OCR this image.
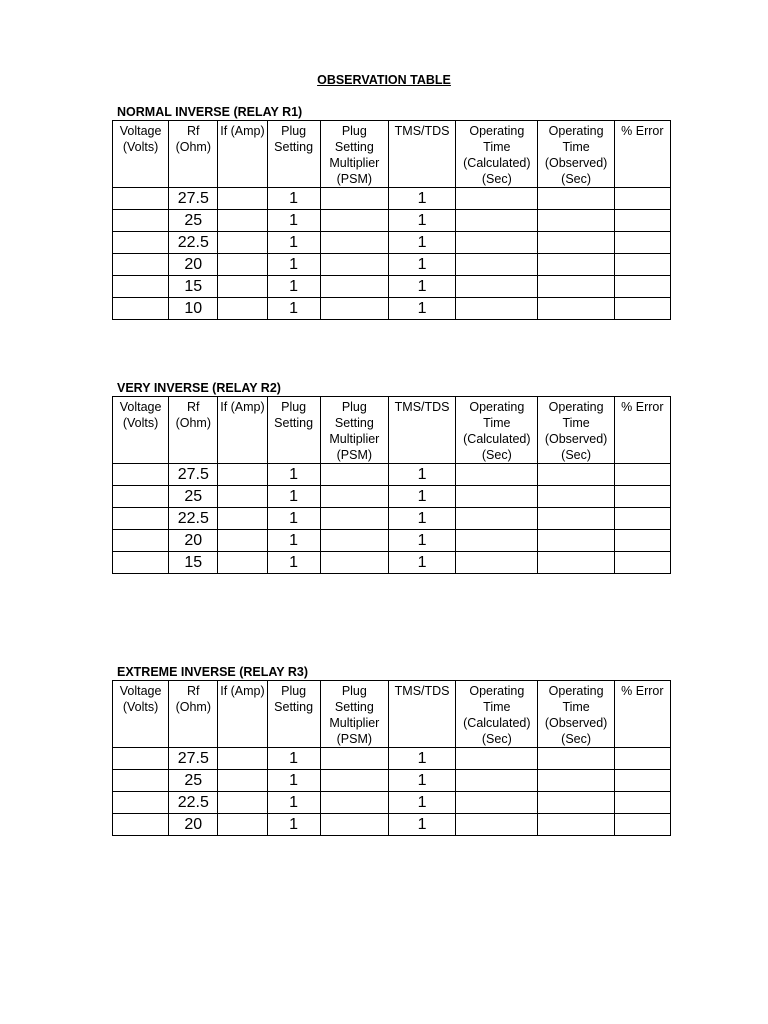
OBSERVATION TABLE
NORMAL INVERSE (RELAY R1)
Voltage (Volts)	Rf (Ohm)	If (Amp)	Plug Setting	Plug Setting Multiplier (PSM)	TMS/TDS	Operating Time (Calculated) (Sec)	Operating Time (Observed) (Sec)	% Error
	27.5		1		1			
	25		1		1			
	22.5		1		1			
	20		1		1			
	15		1		1			
	10		1		1			
VERY INVERSE (RELAY R2)
Voltage (Volts)	Rf (Ohm)	If (Amp)	Plug Setting	Plug Setting Multiplier (PSM)	TMS/TDS	Operating Time (Calculated) (Sec)	Operating Time (Observed) (Sec)	% Error
	27.5		1		1			
	25		1		1			
	22.5		1		1			
	20		1		1			
	15		1		1			
EXTREME INVERSE (RELAY R3)
Voltage (Volts)	Rf (Ohm)	If (Amp)	Plug Setting	Plug Setting Multiplier (PSM)	TMS/TDS	Operating Time (Calculated) (Sec)	Operating Time (Observed) (Sec)	% Error
	27.5		1		1			
	25		1		1			
	22.5		1		1			
	20		1		1			
